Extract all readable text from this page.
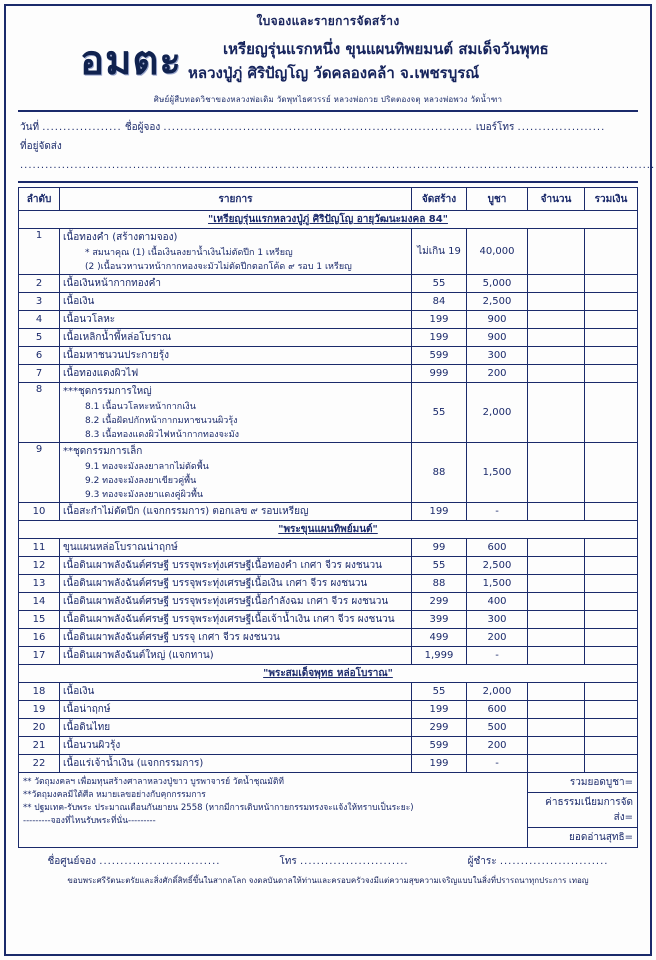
ใบจองและรายการจัดสร้าง
อมตะ	เหรียญรุ่นแรกหนึ่ง ขุนแผนทิพยมนต์ สมเด็จวันพุทธ
หลวงปู่ภู่ ศิริปัญโญ วัดคลองคล้า จ.เพชรบูรณ์
ศิษย์ผู้สืบทอดวิชาของหลวงพ่อเดิม วัดพุทไธศวรรย์ หลวงพ่อกวย ปริตตองจตุ หลวงพ่อพวง วัดน้ำฑา
วันที่ ................... ชื่อผู้จอง .......................................................................... เบอร์โทร .....................
ที่อยู่จัดส่ง ........................................................................................................................................................
ลำดับ	รายการ	จัดสร้าง	บูชา	จำนวน	รวมเงิน
"เหรียญรุ่นแรกหลวงปู่ภู่ ศิริปัญโญ อายุวัฒนะมงคล 84"					
1	เนื้อทองคำ (สร้างตามจอง)
* สมนาคุณ (1) เนื้อเงินลงยาน้ำเงินไม่ตัดปีก 1 เหรียญ
(2 )เนื้อนวหานวหน้ากากทองจะมัวไม่ตัดปีกตอกโค้ด ๙ รอบ 1 เหรียญ	ไม่เกิน 19	40,000		
2	เนื้อเงินหน้ากากทองคำ	55	5,000		
3	เนื้อเงิน	84	2,500		
4	เนื้อนวโลหะ	199	900		
5	เนื้อเหลิกน้ำพี้หล่อโบราณ	199	900		
6	เนื้อมหาชนวนประกายรุ้ง	599	300		
7	เนื้อทองแดงผิวไฟ	999	200		
8	***ชุดกรรมการใหญ่
8.1 เนื้อนวโลหะหน้ากากเงิน
8.2 เนื้อฝัดปกักหน้ากากมหาชนวนผิวรุ้ง
8.3 เนื้อทองแดงผิวไฟหน้ากากทองจะมัง	55	2,000		
9	**ชุดกรรมการเล็ก
9.1 ทองจะมังลงยาลากไม่ตัดพื้น
9.2 ทองจะมังลงยาเขียวคู่พื้น
9.3 ทองจะมังลงยาแดงคู่ผิวพื้น	88	1,500		
10	เนื้อสะกำไม่ตัดปีก (แจกกรรมการ) ตอกเลข ๙ รอบเหรียญ	199	-		
"พระขุนแผนทิพย์มนต์"					
11	ขุนแผนหล่อโบราณน่าฤกษ์	99	600		
12	เนื้อดินเผาพลังฉันต์ศรษฐี บรรจุพระทุ่งเศรษฐีเนื้อทองคำ เกศา จีวร ผงชนวน	55	2,500		
13	เนื้อดินเผาพลังฉันต์ศรษฐี บรรจุพระทุ่งเศรษฐีเนื้อเงิน เกศา จีวร ผงชนวน	88	1,500		
14	เนื้อดินเผาพลังฉันต์ศรษฐี บรรจุพระทุ่งเศรษฐีเนื้อกำลังฉม เกศา จีวร ผงชนวน	299	400		
15	เนื้อดินเผาพลังฉันต์ศรษฐี บรรจุพระทุ่งเศรษฐีเนื้อเจ้าน้ำเงิน เกศา จีวร ผงชนวน	399	300		
16	เนื้อดินเผาพลังฉันต์ศรษฐี บรรจุ เกศา จีวร ผงชนวน	499	200		
17	เนื้อดินเผาพลังฉันต์ใหญ่ (แจกทาน)	1,999	-		
"พระสมเด็จพุทธ หล่อโบราณ"					
18	เนื้อเงิน	55	2,000		
19	เนื้อน่าฤกษ์	199	600		
20	เนื้อดินไทย	299	500		
21	เนื้อนวนผิวรุ้ง	599	200		
22	เนื้อแร่เจ้าน้ำเงิน (แจกกรรมการ)	199	-		

** วัตถุมงคลฯ เพื่อมทุนสร้างศาลาหลวงปู่ขาว บูรพาจารย์ วัดน้ำชุณมัติที
**วัตถุมงคลมีใต้ศีล หมายเลขอย่างกับคุกกรรมการ
** ปฐมเทค-รับพระ ประมาณเดือนกันยายน 2558 (หากมีการเติบหน้ากายกรรมทรงจะแจ้งให้ทราบเป็นระยะ)
---------จองที่ไหนรับพระที่นั่น---------

รวมยอดบูชา=
ค่าธรรมเนียมการจัดส่ง=
ยอดอ่านสุทธิ=
ชื่อศูนย์จอง .............................	โทร ..........................	ผู้ชำระ ..........................
ขอบพระศรีรัตนะตรัยและสิ่งศักดิ์สิทธิ์ขึ้นในสากลโลก จงดลบันดาลให้ท่านและครอบครัวจงมีแต่ความสุขความเจริญแบบในสิ่งที่ปรารถนาทุกประการ เทอญ
